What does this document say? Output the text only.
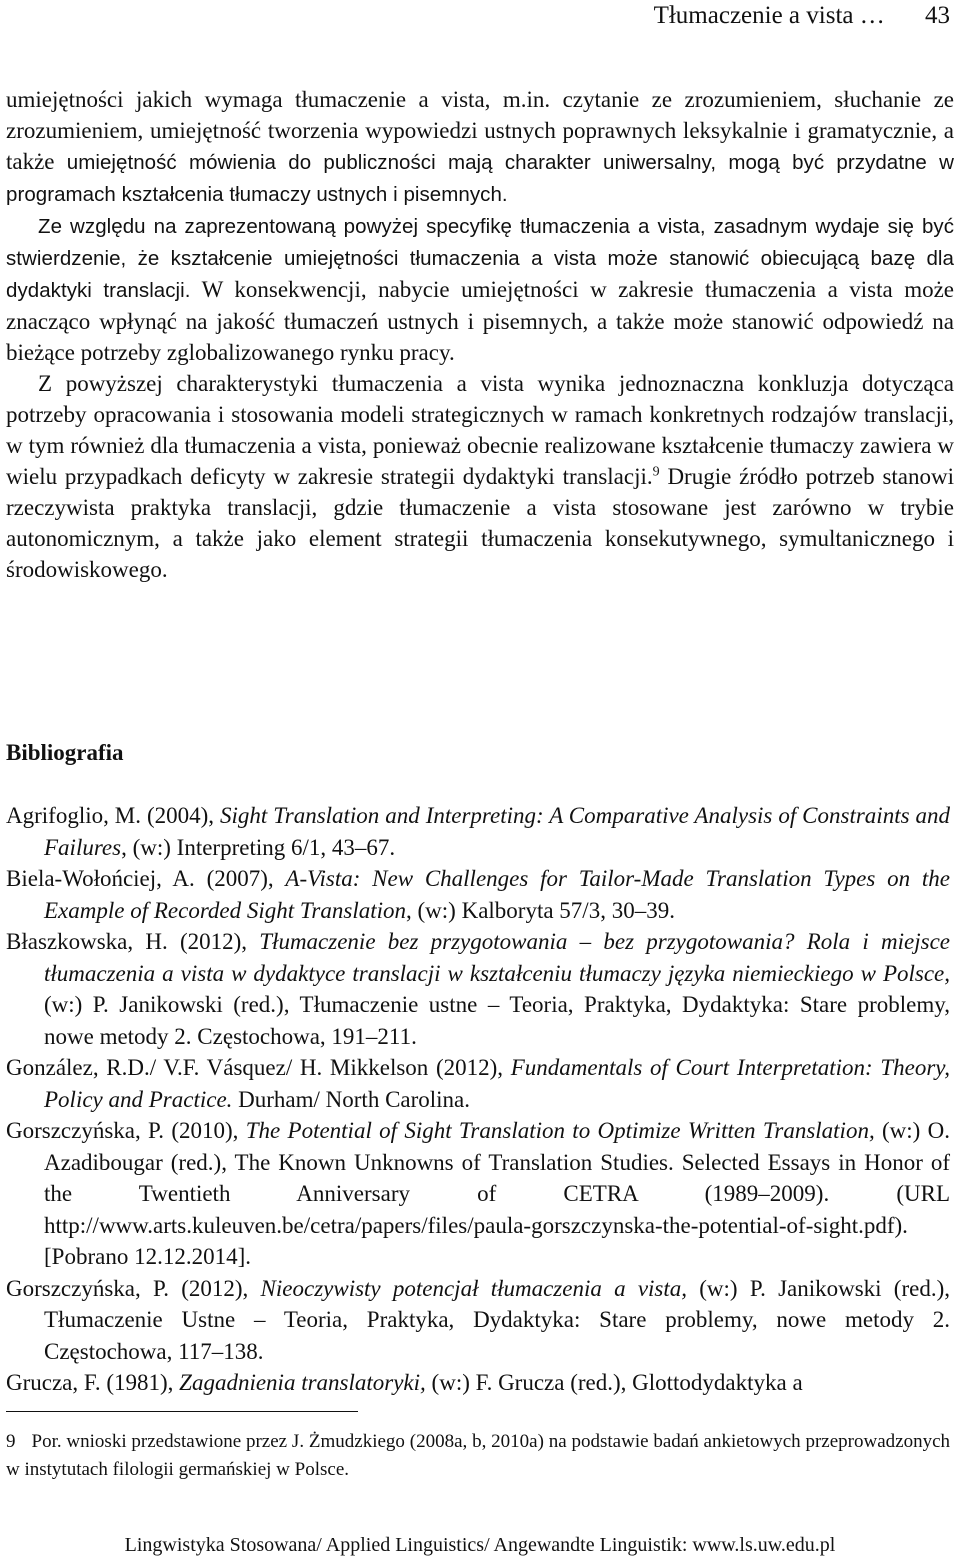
Tłumaczenie a vista … 43

umiejętności jakich wymaga tłumaczenie a vista, m.in. czytanie ze zrozumieniem, słuchanie ze zrozumieniem, umiejętność tworzenia wypowiedzi ustnych poprawnych leksykalnie i gramatycznie, a także umiejętność mówienia do publiczności mają charakter uniwersalny, mogą być przydatne w programach kształcenia tłumaczy ustnych i pisemnych.

Ze względu na zaprezentowaną powyżej specyfikę tłumaczenia a vista, zasadnym wydaje się być stwierdzenie, że kształcenie umiejętności tłumaczenia a vista może stanowić obiecującą bazę dla dydaktyki translacji. W konsekwencji, nabycie umiejętności w zakresie tłumaczenia a vista może znacząco wpłynąć na jakość tłumaczeń ustnych i pisemnych, a także może stanowić odpowiedź na bieżące potrzeby zglobalizowanego rynku pracy.

Z powyższej charakterystyki tłumaczenia a vista wynika jednoznaczna konkluzja dotycząca potrzeby opracowania i stosowania modeli strategicznych w ramach konkretnych rodzajów translacji, w tym również dla tłumaczenia a vista, ponieważ obecnie realizowane kształcenie tłumaczy zawiera w wielu przypadkach deficyty w zakresie strategii dydaktyki translacji.$^9$ Drugie źródło potrzeb stanowi rzeczywista praktyka translacji, gdzie tłumaczenie a vista stosowane jest zarówno w trybie autonomicznym, a także jako element strategii tłumaczenia konsekutywnego, symultanicznego i środowiskowego.

Bibliografia
Agrifoglio, M. (2004), Sight Translation and Interpreting: A Comparative Analysis of Constraints and Failures, (w:) Interpreting 6/1, 43–67.
Biela-Wołońciej, A. (2007), A-Vista: New Challenges for Tailor-Made Translation Types on the Example of Recorded Sight Translation, (w:) Kalboryta 57/3, 30–39.
Błaszkowska, H. (2012), Tłumaczenie bez przygotowania – bez przygotowania? Rola i miejsce tłumaczenia a vista w dydaktyce translacji w kształceniu tłumaczy języka niemieckiego w Polsce, (w:) P. Janikowski (red.), Tłumaczenie ustne – Teoria, Praktyka, Dydaktyka: Stare problemy, nowe metody 2. Częstochowa, 191–211.
González, R.D./ V.F. Vásquez/ H. Mikkelson (2012), Fundamentals of Court Interpretation: Theory, Policy and Practice. Durham/ North Carolina.
Gorszczyńska, P. (2010), The Potential of Sight Translation to Optimize Written Translation, (w:) O. Azadibougar (red.), The Known Unknowns of Translation Studies. Selected Essays in Honor of the Twentieth Anniversary of CETRA (1989–2009). (URL http://www.arts.kuleuven.be/cetra/papers/files/paula-gorszczynska-the-potential-of-sight.pdf). [Pobrano 12.12.2014].
Gorszczyńska, P. (2012), Nieoczywisty potencjał tłumaczenia a vista, (w:) P. Janikowski (red.), Tłumaczenie Ustne – Teoria, Praktyka, Dydaktyka: Stare problemy, nowe metody 2. Częstochowa, 117–138.
Grucza, F. (1981), Zagadnienia translatoryki, (w:) F. Grucza (red.), Glottodydaktyka a

9 Por. wnioski przedstawione przez J. Żmudzkiego (2008a, b, 2010a) na podstawie badań ankietowych przeprowadzonych w instytutach filologii germańskiej w Polsce.

Lingwistyka Stosowana/ Applied Linguistics/ Angewandte Linguistik: www.ls.uw.edu.pl
